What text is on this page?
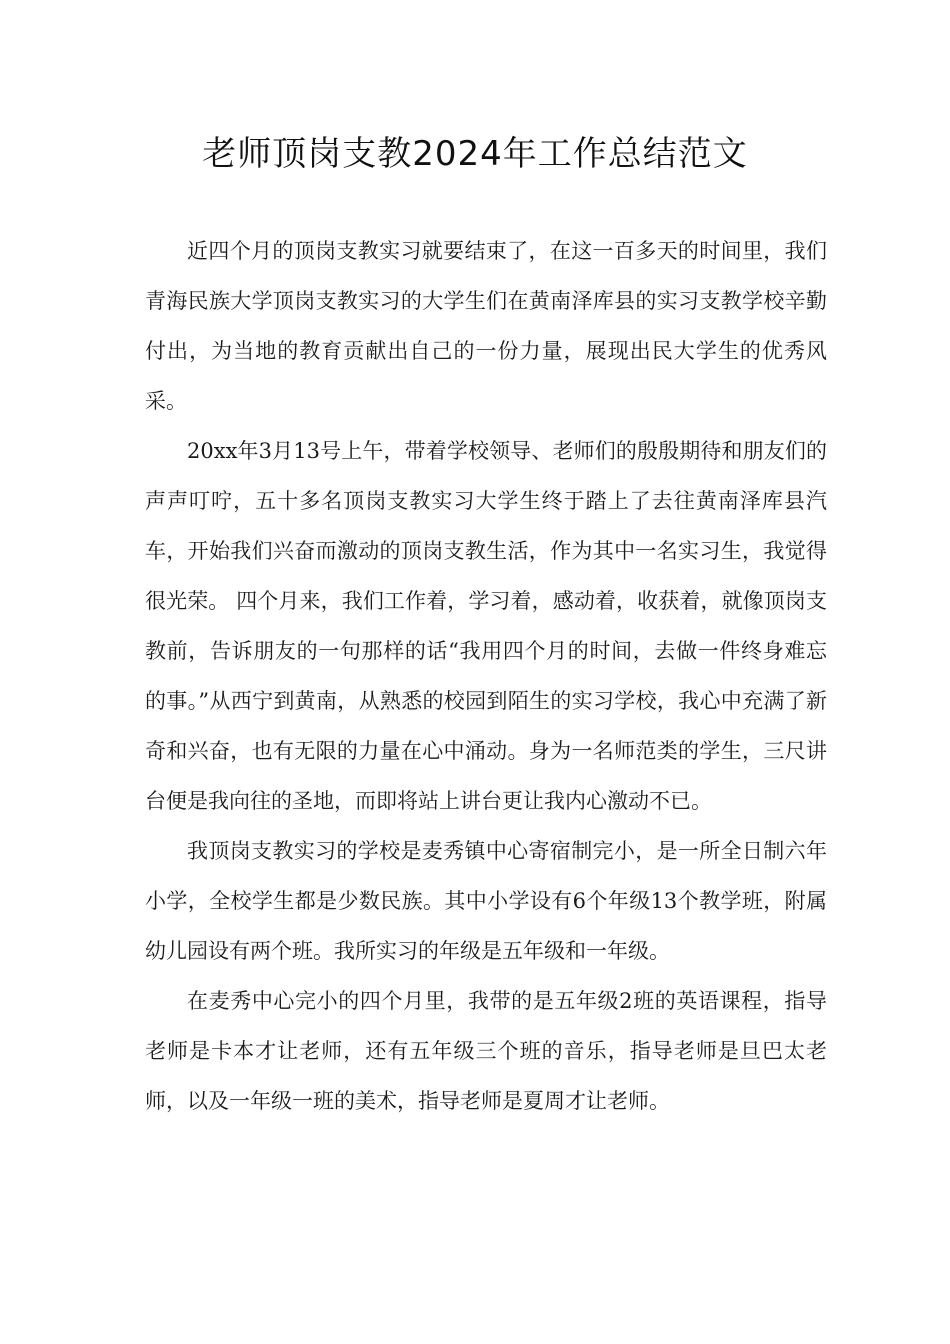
老师顶岗支教2024年工作总结范文

近四个月的顶岗支教实习就要结束了，在这一百多天的时间里，我们青海民族大学顶岗支教实习的大学生们在黄南泽库县的实习支教学校辛勤付出，为当地的教育贡献出自己的一份力量，展现出民大学生的优秀风采。

20xx年3月13号上午，带着学校领导、老师们的殷殷期待和朋友们的声声叮咛，五十多名顶岗支教实习大学生终于踏上了去往黄南泽库县汽车，开始我们兴奋而激动的顶岗支教生活，作为其中一名实习生，我觉得很光荣。 四个月来，我们工作着，学习着，感动着，收获着，就像顶岗支教前，告诉朋友的一句那样的话“我用四个月的时间，去做一件终身难忘的事。”从西宁到黄南，从熟悉的校园到陌生的实习学校，我心中充满了新奇和兴奋，也有无限的力量在心中涌动。身为一名师范类的学生，三尺讲台便是我向往的圣地，而即将站上讲台更让我内心激动不已。

我顶岗支教实习的学校是麦秀镇中心寄宿制完小，是一所全日制六年小学，全校学生都是少数民族。其中小学设有6个年级13个教学班，附属幼儿园设有两个班。我所实习的年级是五年级和一年级。

在麦秀中心完小的四个月里，我带的是五年级2班的英语课程，指导老师是卡本才让老师，还有五年级三个班的音乐，指导老师是旦巴太老师，以及一年级一班的美术，指导老师是夏周才让老师。
